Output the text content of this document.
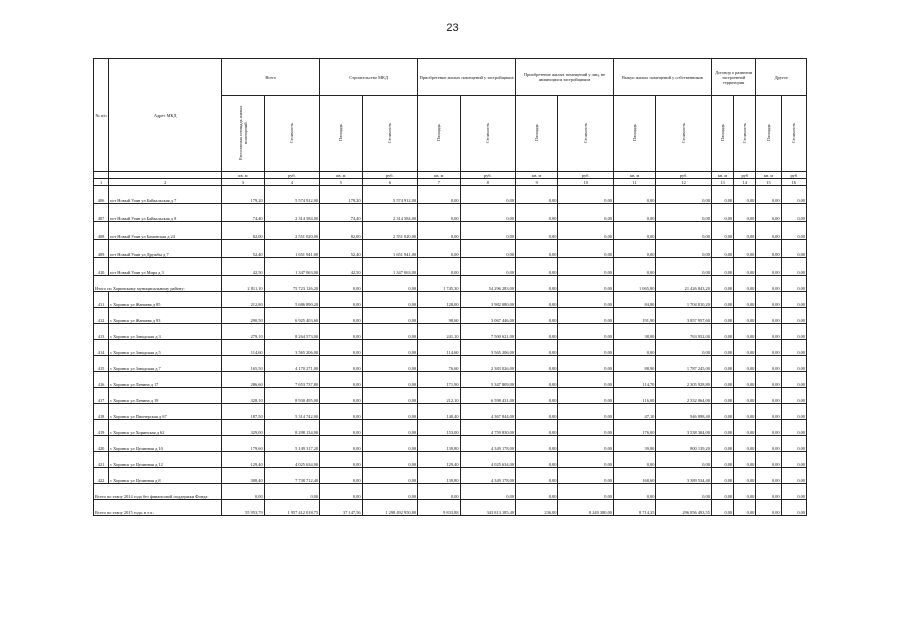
23
№ п/п	Адрес МКД	Всего		Строительство МКД		Приобретение жилых помещений у застройщиков		Приобретение жилых помещений у лиц, не являющихся застройщиком		Выкуп жилых помещений у собственников		Договор о развитии застроенной территории		Другое	
		Расселяемая площадь жилых помещений	Стоимость	Площадь	Стоимость	Площадь	Стоимость	Площадь	Стоимость	Площадь	Стоимость	Площадь	Стоимость	Площадь	Стоимость
		кв. м	руб.	кв. м	руб.	кв. м	руб.	кв. м	руб.	кв. м	руб.	кв. м	руб	кв. м	руб
1	2	3	4	5	6	7	8	9	10	11	12	13	14	15	16
406	пгт Новый Уоян ул Байкальская д 7	179,20	5 574 912,00	179,20	5 574 912,00	0,00	0,00	0,00	0,00	0,00	0,00	0,00	0,00	0,00	0,00
407	пгт Новый Уоян ул Байкальская д 8	74,40	2 314 584,00	74,40	2 314 584,00	0,00	0,00	0,00	0,00	0,00	0,00	0,00	0,00	0,00	0,00
408	пгт Новый Уоян ул Бамовская д 24	82,00	2 551 020,00	82,00	2 551 020,00	0,00	0,00	0,00	0,00	0,00	0,00	0,00	0,00	0,00	0,00
409	пгт Новый Уоян ул Дружбы д 7	52,40	1 651 941,00	52,40	1 651 941,00	0,00	0,00	0,00	0,00	0,00	0,00	0,00	0,00	0,00	0,00
410	пгт Новый Уоян ул Мира д 3	42,50	1 347 063,00	42,50	1 347 063,00	0,00	0,00	0,00	0,00	0,00	0,00	0,00	0,00	0,00	0,00
Итого по Хоринскому муниципальному району:		2 811,10	75 723 126,20	0,00	0,00	1 745,30	54 296 283,00	0,00	0,00	1 065,80	21 426 843,20	0,00	0,00	0,00	0,00
411	с Хоринск ул Жанаева д 85	212,80	5 686 890,20	0,00	0,00	128,00	3 982 080,00	0,00	0,00	84,80	1 704 810,20	0,00	0,00	0,00	0,00
412	с Хоринск ул Жанаева д 93	290,50	6 925 403,60	0,00	0,00	98,60	3 067 446,00	0,00	0,00	191,90	3 857 957,60	0,00	0,00	0,00	0,00
413	с Хоринск ул Заводская д 3	279,10	8 264 573,00	0,00	0,00	241,10	7 500 621,00	0,00	0,00	38,00	763 952,00	0,00	0,00	0,00	0,00
414	с Хоринск ул Заводская д 5	114,60	3 565 206,00	0,00	0,00	114,60	3 565 206,00	0,00	0,00	0,00	0,00	0,00	0,00	0,00	0,00
415	с Хоринск ул Заводская д 7	165,50	4 170 271,00	0,00	0,00	76,60	2 383 026,00	0,00	0,00	88,90	1 787 245,00	0,00	0,00	0,00	0,00
416	с Хоринск ул Ленина д 17	286,60	7 653 737,80	0,00	0,00	171,90	5 347 809,00	0,00	0,00	114,70	2 305 928,80	0,00	0,00	0,00	0,00
417	с Хоринск ул Ленина д 19	328,10	8 930 495,00	0,00	0,00	212,10	6 598 431,00	0,00	0,00	116,00	2 332 064,00	0,00	0,00	0,00	0,00
418	с Хоринск ул Пионерская д 67	187,50	5 314 742,00	0,00	0,00	140,40	4 367 844,00	0,00	0,00	47,10	946 898,40	0,00	0,00	0,00	0,00
419	с Хоринск ул Хоринская д 62	329,00	8 298 134,00	0,00	0,00	153,00	4 759 830,00	0,00	0,00	176,00	3 538 304,00	0,00	0,00	0,00	0,00
420	с Хоринск ул Целинная д 10	179,60	5 149 317,20	0,00	0,00	139,80	4 349 178,00	0,00	0,00	39,80	800 139,20	0,00	0,00	0,00	0,00
421	с Хоринск ул Целинная д 12	129,40	4 025 634,00	0,00	0,00	129,40	4 025 634,00	0,00	0,00	0,00	0,00	0,00	0,00	0,00	0,00
422	с Хоринск ул Целинная д 8	308,40	7 738 712,40	0,00	0,00	139,80	4 349 178,00	0,00	0,00	168,60	3 389 534,40	0,00	0,00	0,00	0,00
Всего по этапу 2014 года без финансовой поддержки Фонда:		0,00	0,00	0,00	0,00	0,00	0,00	0,00	0,00	0,00	0,00	0,00	0,00	0,00	0,00
Всего по этапу 2015 года, в т.ч.:		55 953,79	1 957 412 018,75	37 147,56	1 298 492 950,80	9 833,88	343 813 185,40	236,00	8 249 380,00	8 714,35	296 856 493,55	0,00	0,00	0,00	0,00
